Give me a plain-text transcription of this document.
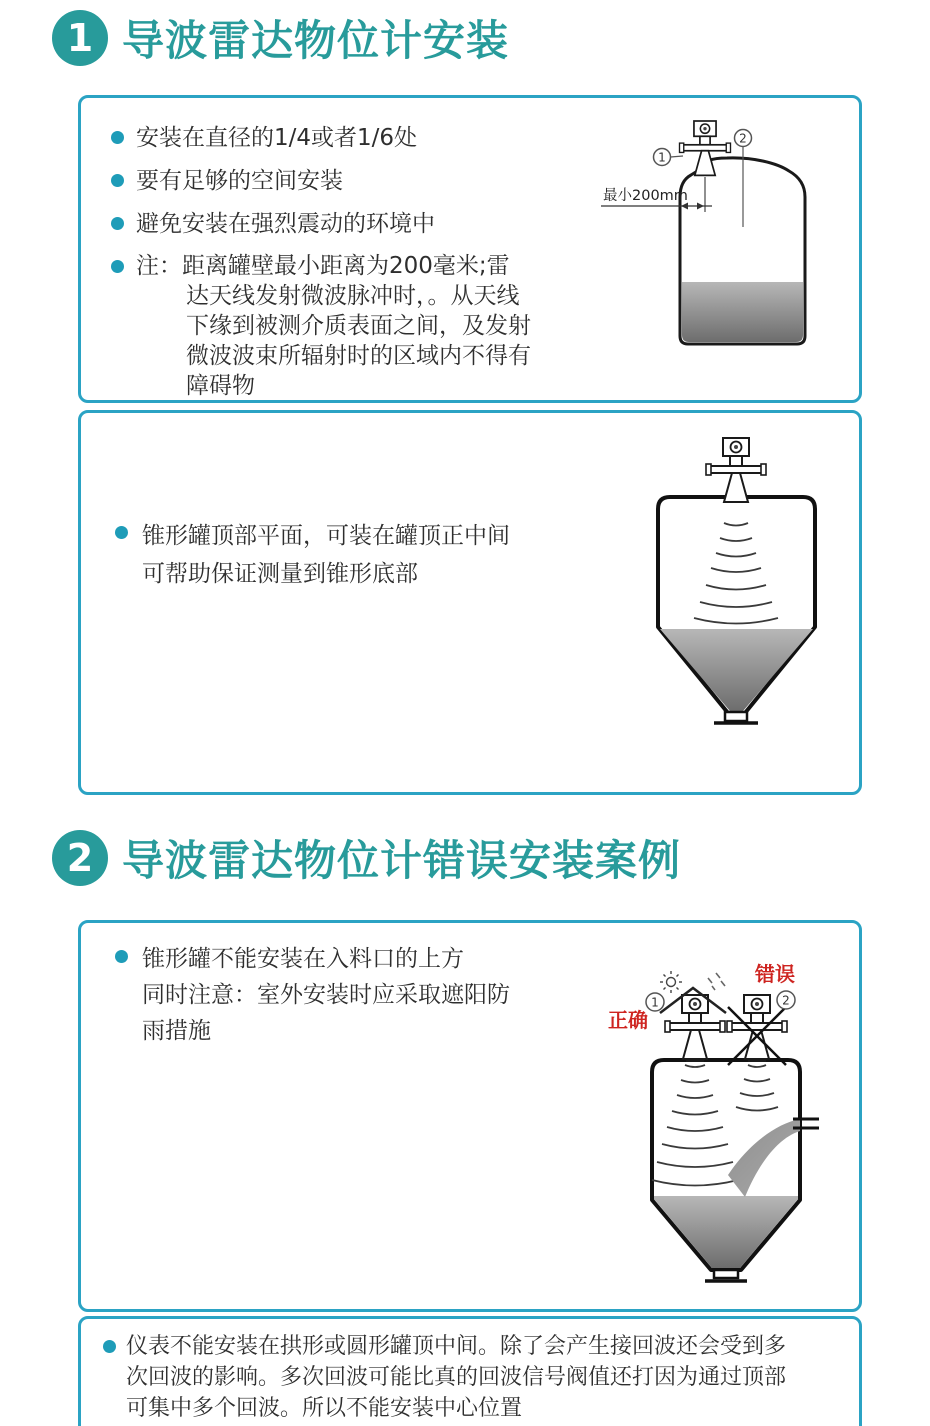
1 导波雷达物位计安装
安装在直径的1/4或者1/6处
要有足够的空间安装
避免安装在强烈震动的环境中
注： 距离罐壁最小距离为200毫米;雷
达天线发射微波脉冲时，。从天线
下缘到被测介质表面之间，及发射
微波波束所辐射时的区域内不得有
障碍物
1
2
最小200mm
锥形罐顶部平面，可装在罐顶正中间
可帮助保证测量到锥形底部
2 导波雷达物位计错误安装案例
锥形罐不能安装在入料口的上方
同时注意：室外安装时应采取遮阳防
雨措施
1	2
正确
错误
仪表不能安装在拱形或圆形罐顶中间。除了会产生接回波还会受到多
次回波的影响。多次回波可能比真的回波信号阀值还打因为通过顶部
可集中多个回波。所以不能安装中心位置
